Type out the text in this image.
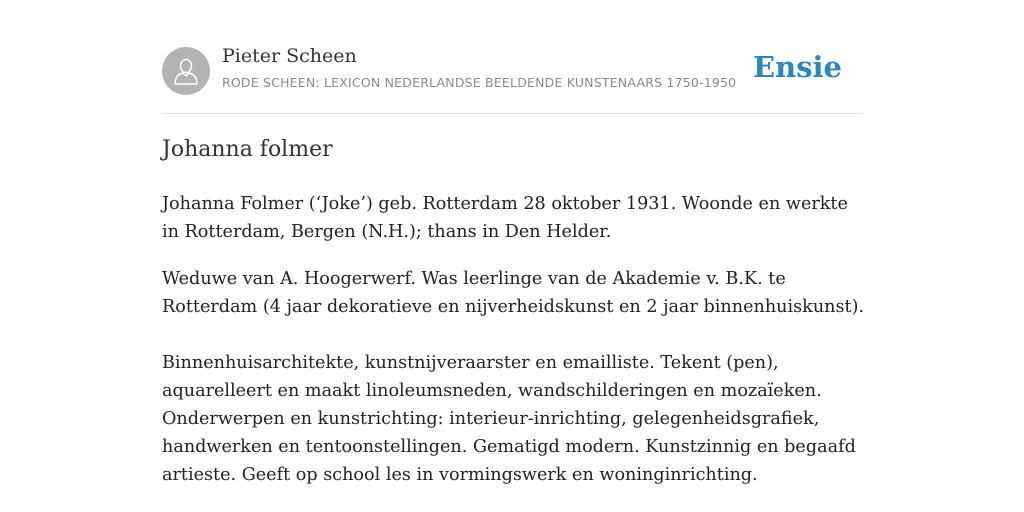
Pieter Scheen
RODE SCHEEN: LEXICON NEDERLANDSE BEELDENDE KUNSTENAARS 1750-1950 Ensie
Johanna folmer

Johanna Folmer (‘Joke’) geb. Rotterdam 28 oktober 1931. Woonde en werkte in Rotterdam, Bergen (N.H.); thans in Den Helder.

Weduwe van A. Hoogerwerf. Was leerlinge van de Akademie v. B.K. te Rotterdam (4 jaar dekoratieve en nijverheidskunst en 2 jaar binnenhuiskunst).

Binnenhuisarchitekte, kunstnijveraarster en emailliste. Tekent (pen), aquarelleert en maakt linoleumsneden, wandschilderingen en mozaïeken. Onderwerpen en kunstrichting: interieur-inrichting, gelegenheidsgrafiek, handwerken en tentoonstellingen. Gematigd modern. Kunstzinnig en begaafd artieste. Geeft op school les in vormingswerk en woninginrichting.
